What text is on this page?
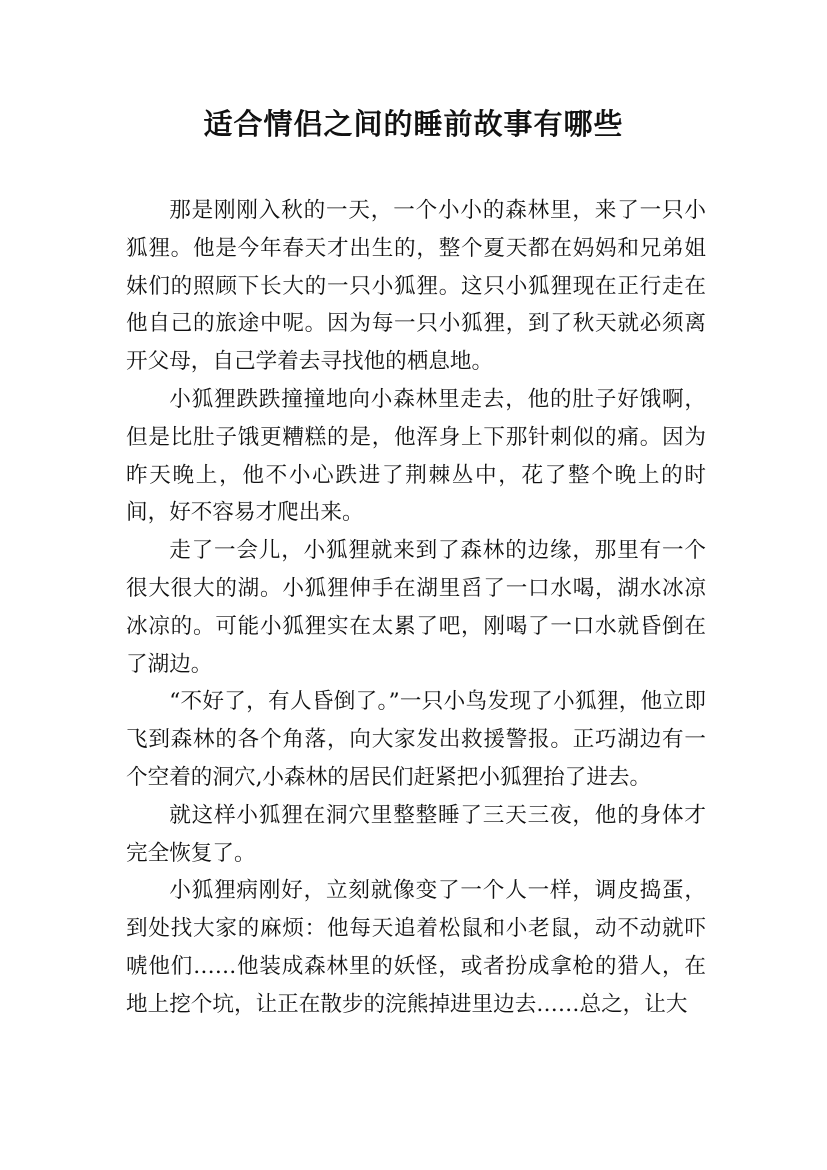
适合情侣之间的睡前故事有哪些

那是刚刚入秋的一天，一个小小的森林里，来了一只小狐狸。他是今年春天才出生的，整个夏天都在妈妈和兄弟姐妹们的照顾下长大的一只小狐狸。这只小狐狸现在正行走在他自己的旅途中呢。因为每一只小狐狸，到了秋天就必须离开父母，自己学着去寻找他的栖息地。

小狐狸跌跌撞撞地向小森林里走去，他的肚子好饿啊，但是比肚子饿更糟糕的是，他浑身上下那针刺似的痛。因为昨天晚上，他不小心跌进了荆棘丛中，花了整个晚上的时间，好不容易才爬出来。

走了一会儿，小狐狸就来到了森林的边缘，那里有一个很大很大的湖。小狐狸伸手在湖里舀了一口水喝，湖水冰凉冰凉的。可能小狐狸实在太累了吧，刚喝了一口水就昏倒在了湖边。

“不好了，有人昏倒了。”一只小鸟发现了小狐狸，他立即飞到森林的各个角落，向大家发出救援警报。正巧湖边有一个空着的洞穴,小森林的居民们赶紧把小狐狸抬了进去。

就这样小狐狸在洞穴里整整睡了三天三夜，他的身体才完全恢复了。

小狐狸病刚好，立刻就像变了一个人一样，调皮捣蛋，到处找大家的麻烦：他每天追着松鼠和小老鼠，动不动就吓唬他们……他装成森林里的妖怪，或者扮成拿枪的猎人，在地上挖个坑，让正在散步的浣熊掉进里边去……总之，让大
